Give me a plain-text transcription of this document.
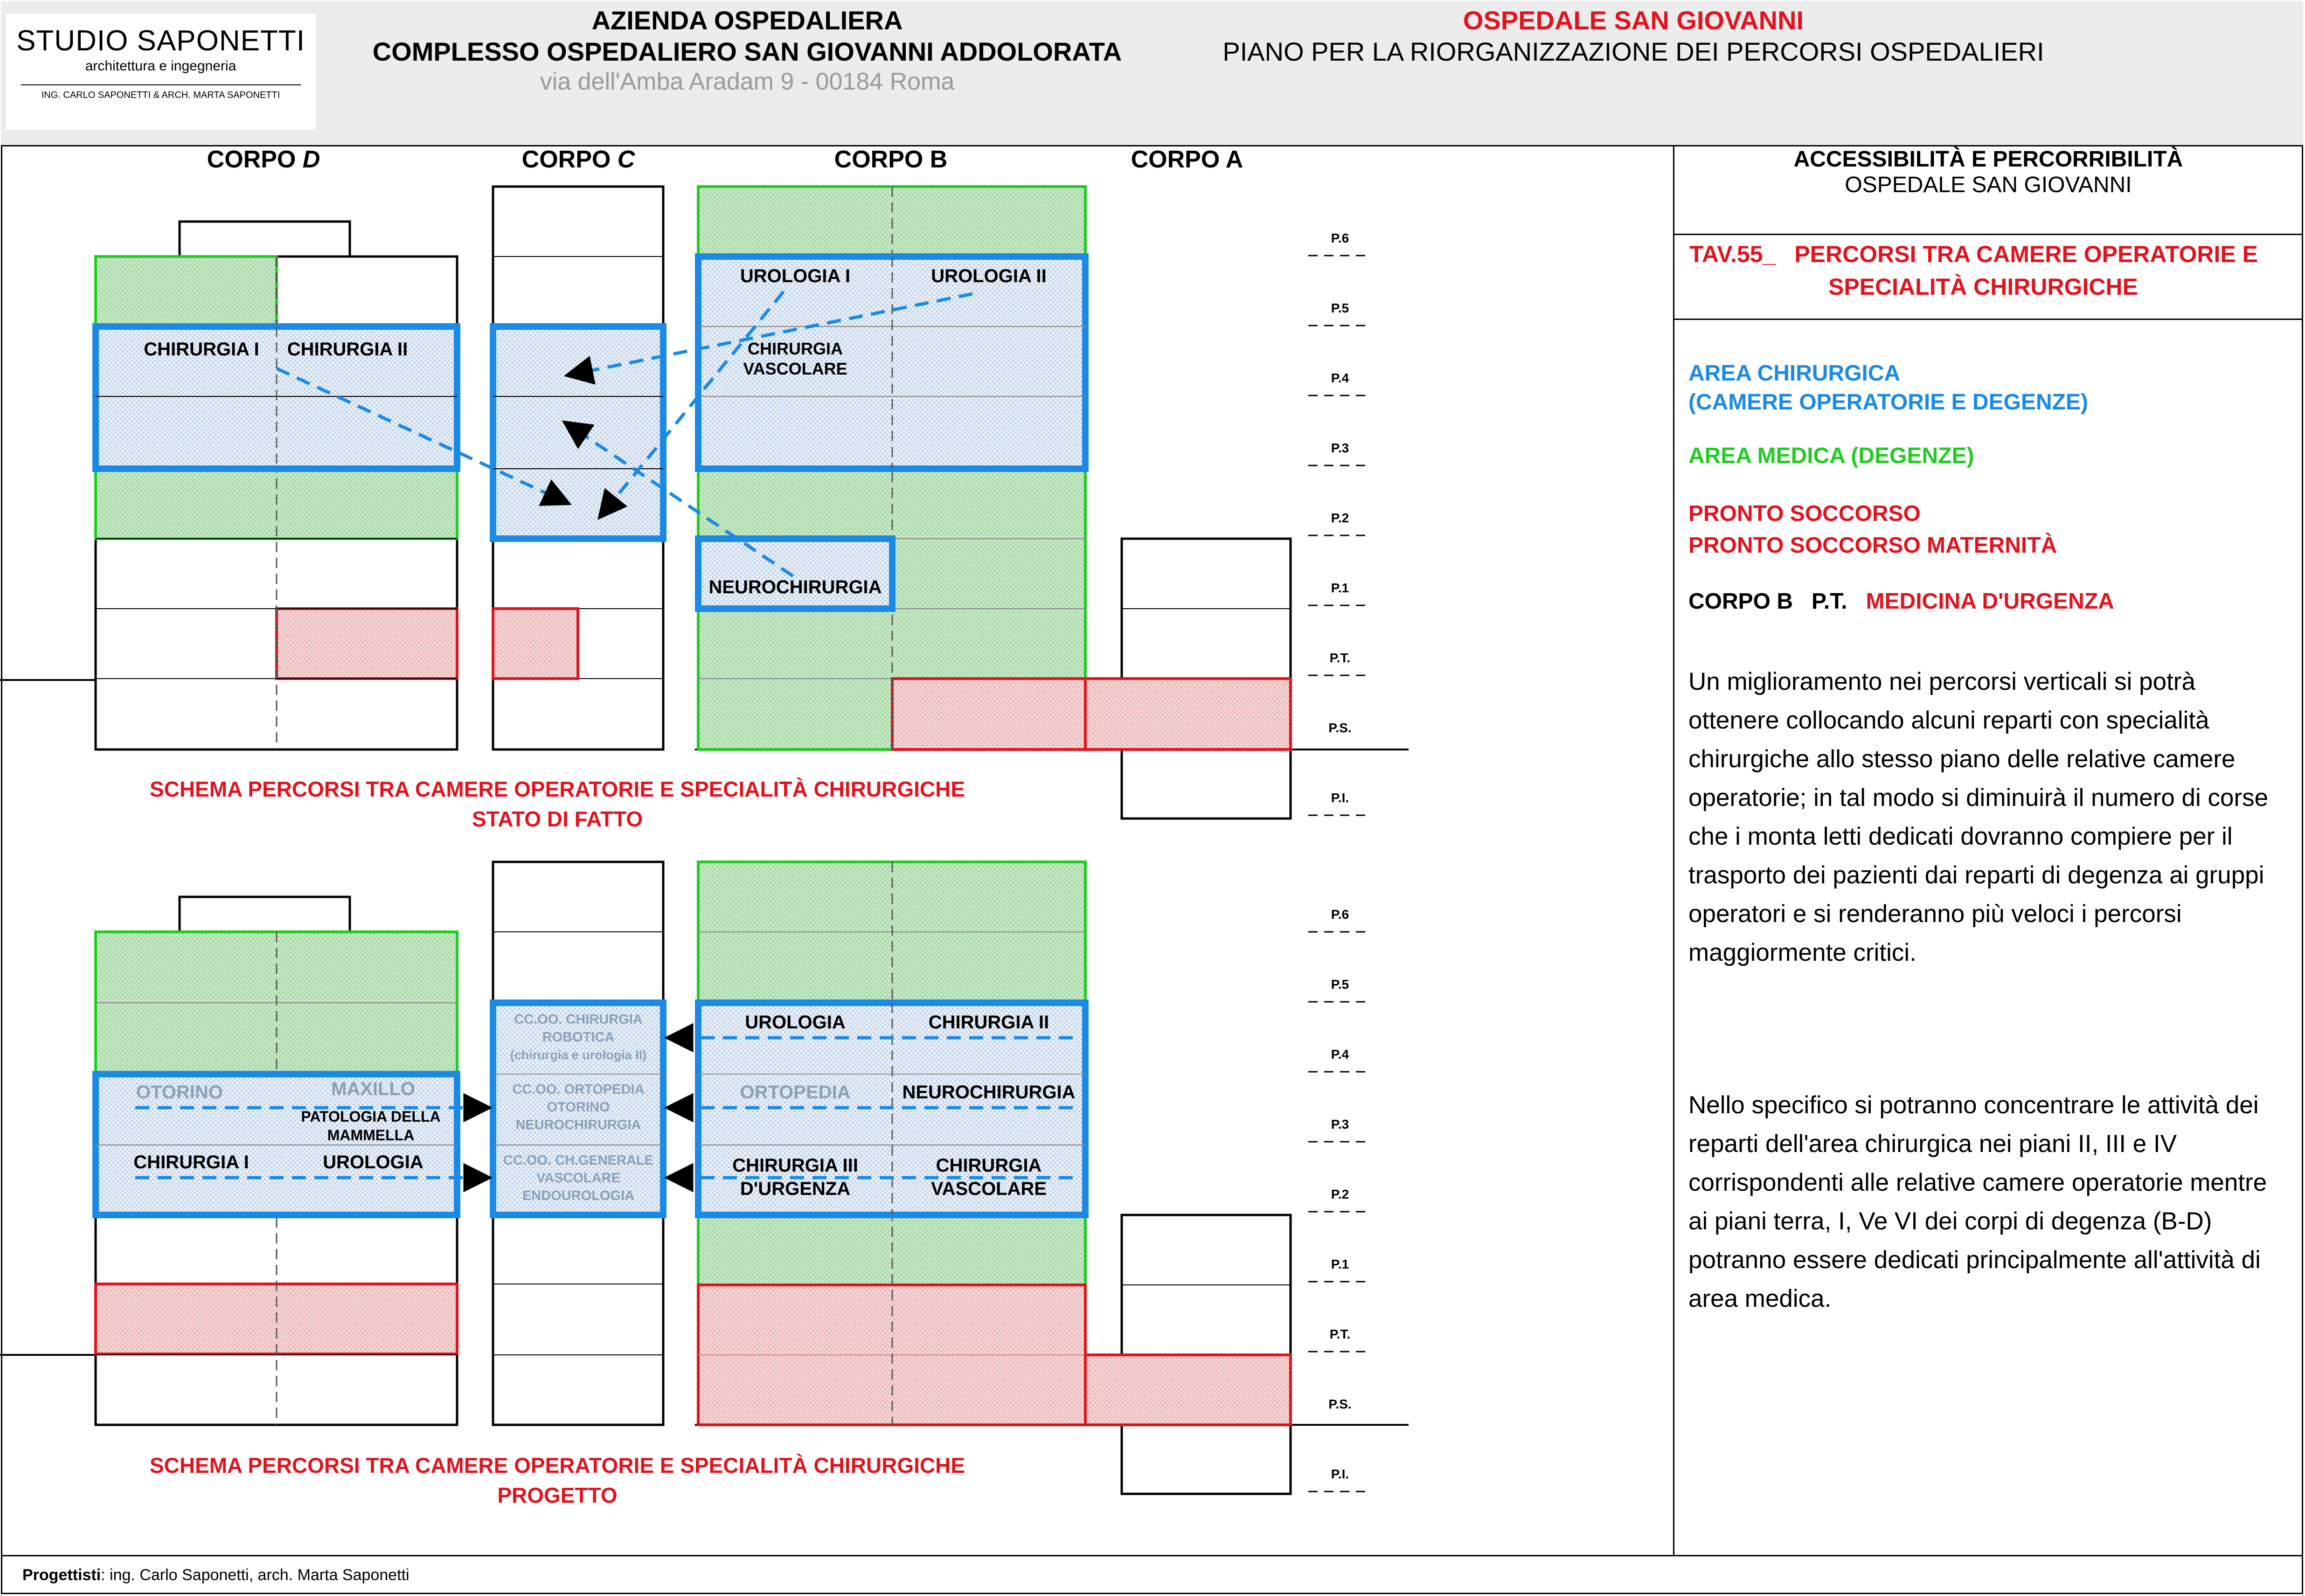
STUDIO SAPONETTI
architettura e ingegneria
ING. CARLO SAPONETTI & ARCH. MARTA SAPONETTI
AZIENDA OSPEDALIERA
COMPLESSO OSPEDALIERO SAN GIOVANNI ADDOLORATA
via dell'Amba Aradam 9 - 00184 Roma
OSPEDALE SAN GIOVANNI
PIANO PER LA RIORGANIZZAZIONE DEI PERCORSI OSPEDALIERI
CORPO D	CORPO C	CORPO B	CORPO A
CHIRURGIA I CHIRURGIA II
UROLOGIA I	UROLOGIA II
CHIRURGIA
VASCOLARE
NEUROCHIRURGIA
OTORINO	MAXILLO
PATOLOGIA DELLA
MAMMELLA
CHIRURGIA I	UROLOGIA
CC.OO. CHIRURGIA
ROBOTICA
(chirurgia e urologia II)
CC.OO. ORTOPEDIA
OTORINO
NEUROCHIRURGIA
CC.OO. CH.GENERALE
VASCOLARE
ENDOUROLOGIA
UROLOGIA	CHIRURGIA II
ORTOPEDIA	NEUROCHIRURGIA
CHIRURGIA III
D'URGENZA
CHIRURGIA
VASCOLARE
P.6
P.5
P.4
P.3
P.2
P.1
P.T.
P.S.
P.I.
P.6
P.5
P.4
P.3
P.2
P.1
P.T.
P.S.
P.I.
SCHEMA PERCORSI TRA CAMERE OPERATORIE E SPECIALITÀ CHIRURGICHE
STATO DI FATTO
SCHEMA PERCORSI TRA CAMERE OPERATORIE E SPECIALITÀ CHIRURGICHE
PROGETTO
ACCESSIBILITÀ E PERCORRIBILITÀ
OSPEDALE SAN GIOVANNI
TAV.55_ PERCORSI TRA CAMERE OPERATORIE E
SPECIALITÀ CHIRURGICHE
AREA CHIRURGICA
(CAMERE OPERATORIE E DEGENZE)
AREA MEDICA (DEGENZE)
PRONTO SOCCORSO
PRONTO SOCCORSO MATERNITÀ
CORPO B   P.T. MEDICINA D'URGENZA
Un miglioramento nei percorsi verticali si potrà ottenere collocando alcuni reparti con specialità chirurgiche allo stesso piano delle relative camere operatorie; in tal modo si diminuirà il numero di corse che i monta letti dedicati dovranno compiere per il trasporto dei pazienti dai reparti di degenza ai gruppi operatori e si renderanno più veloci i percorsi maggiormente critici.
Nello specifico si potranno concentrare le attività dei reparti dell'area chirurgica nei piani II, III e IV corrispondenti alle relative camere operatorie mentre ai piani terra, I, Ve VI dei corpi di degenza (B-D) potranno essere dedicati principalmente all'attività di area medica.
Progettisti: ing. Carlo Saponetti, arch. Marta Saponetti
